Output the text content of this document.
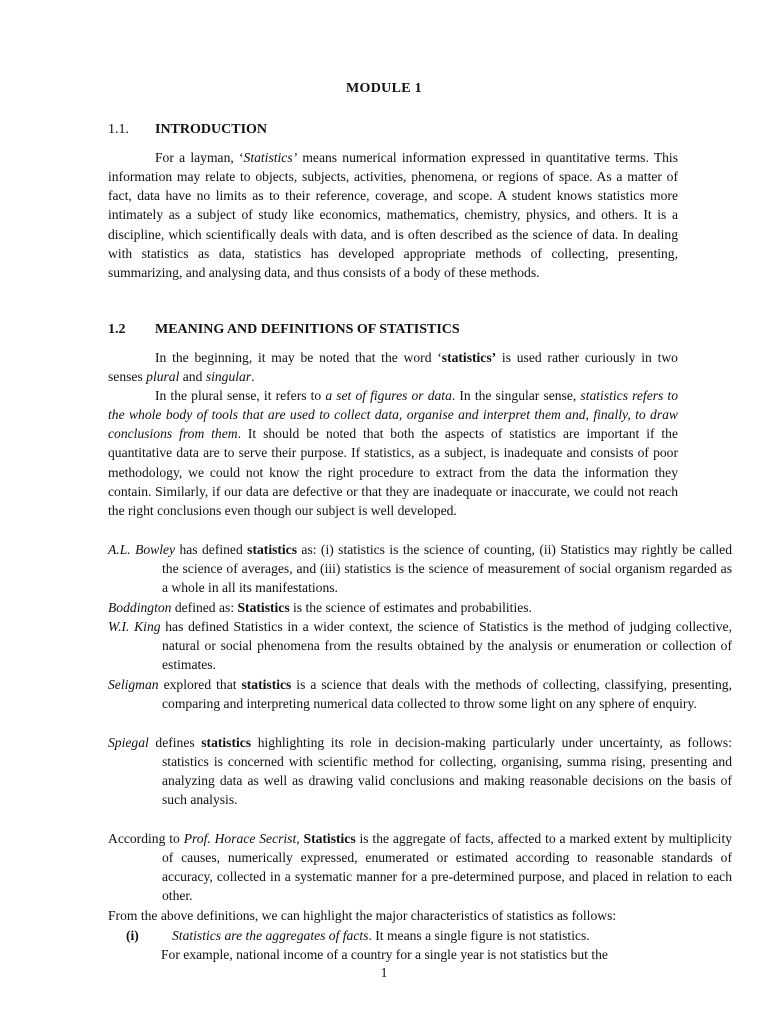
MODULE 1
1.1. INTRODUCTION
For a layman, ‘Statistics’ means numerical information expressed in quantitative terms. This information may relate to objects, subjects, activities, phenomena, or regions of space. As a matter of fact, data have no limits as to their reference, coverage, and scope. A student knows statistics more intimately as a subject of study like economics, mathematics, chemistry, physics, and others. It is a discipline, which scientifically deals with data, and is often described as the science of data. In dealing with statistics as data, statistics has developed appropriate methods of collecting, presenting, summarizing, and analysing data, and thus consists of a body of these methods.
1.2 MEANING AND DEFINITIONS OF STATISTICS
In the beginning, it may be noted that the word ‘statistics’ is used rather curiously in two senses plural and singular.
In the plural sense, it refers to a set of figures or data. In the singular sense, statistics refers to the whole body of tools that are used to collect data, organise and interpret them and, finally, to draw conclusions from them. It should be noted that both the aspects of statistics are important if the quantitative data are to serve their purpose. If statistics, as a subject, is inadequate and consists of poor methodology, we could not know the right procedure to extract from the data the information they contain. Similarly, if our data are defective or that they are inadequate or inaccurate, we could not reach the right conclusions even though our subject is well developed.
A.L. Bowley has defined statistics as: (i) statistics is the science of counting, (ii) Statistics may rightly be called the science of averages, and (iii) statistics is the science of measurement of social organism regarded as a whole in all its manifestations.
Boddington defined as: Statistics is the science of estimates and probabilities.
W.I. King has defined Statistics in a wider context, the science of Statistics is the method of judging collective, natural or social phenomena from the results obtained by the analysis or enumeration or collection of estimates.
Seligman explored that statistics is a science that deals with the methods of collecting, classifying, presenting, comparing and interpreting numerical data collected to throw some light on any sphere of enquiry.
Spiegal defines statistics highlighting its role in decision-making particularly under uncertainty, as follows: statistics is concerned with scientific method for collecting, organising, summa rising, presenting and analyzing data as well as drawing valid conclusions and making reasonable decisions on the basis of such analysis.
According to Prof. Horace Secrist, Statistics is the aggregate of facts, affected to a marked extent by multiplicity of causes, numerically expressed, enumerated or estimated according to reasonable standards of accuracy, collected in a systematic manner for a pre-determined purpose, and placed in relation to each other.
From the above definitions, we can highlight the major characteristics of statistics as follows:
(i) Statistics are the aggregates of facts. It means a single figure is not statistics.
For example, national income of a country for a single year is not statistics but the
1
